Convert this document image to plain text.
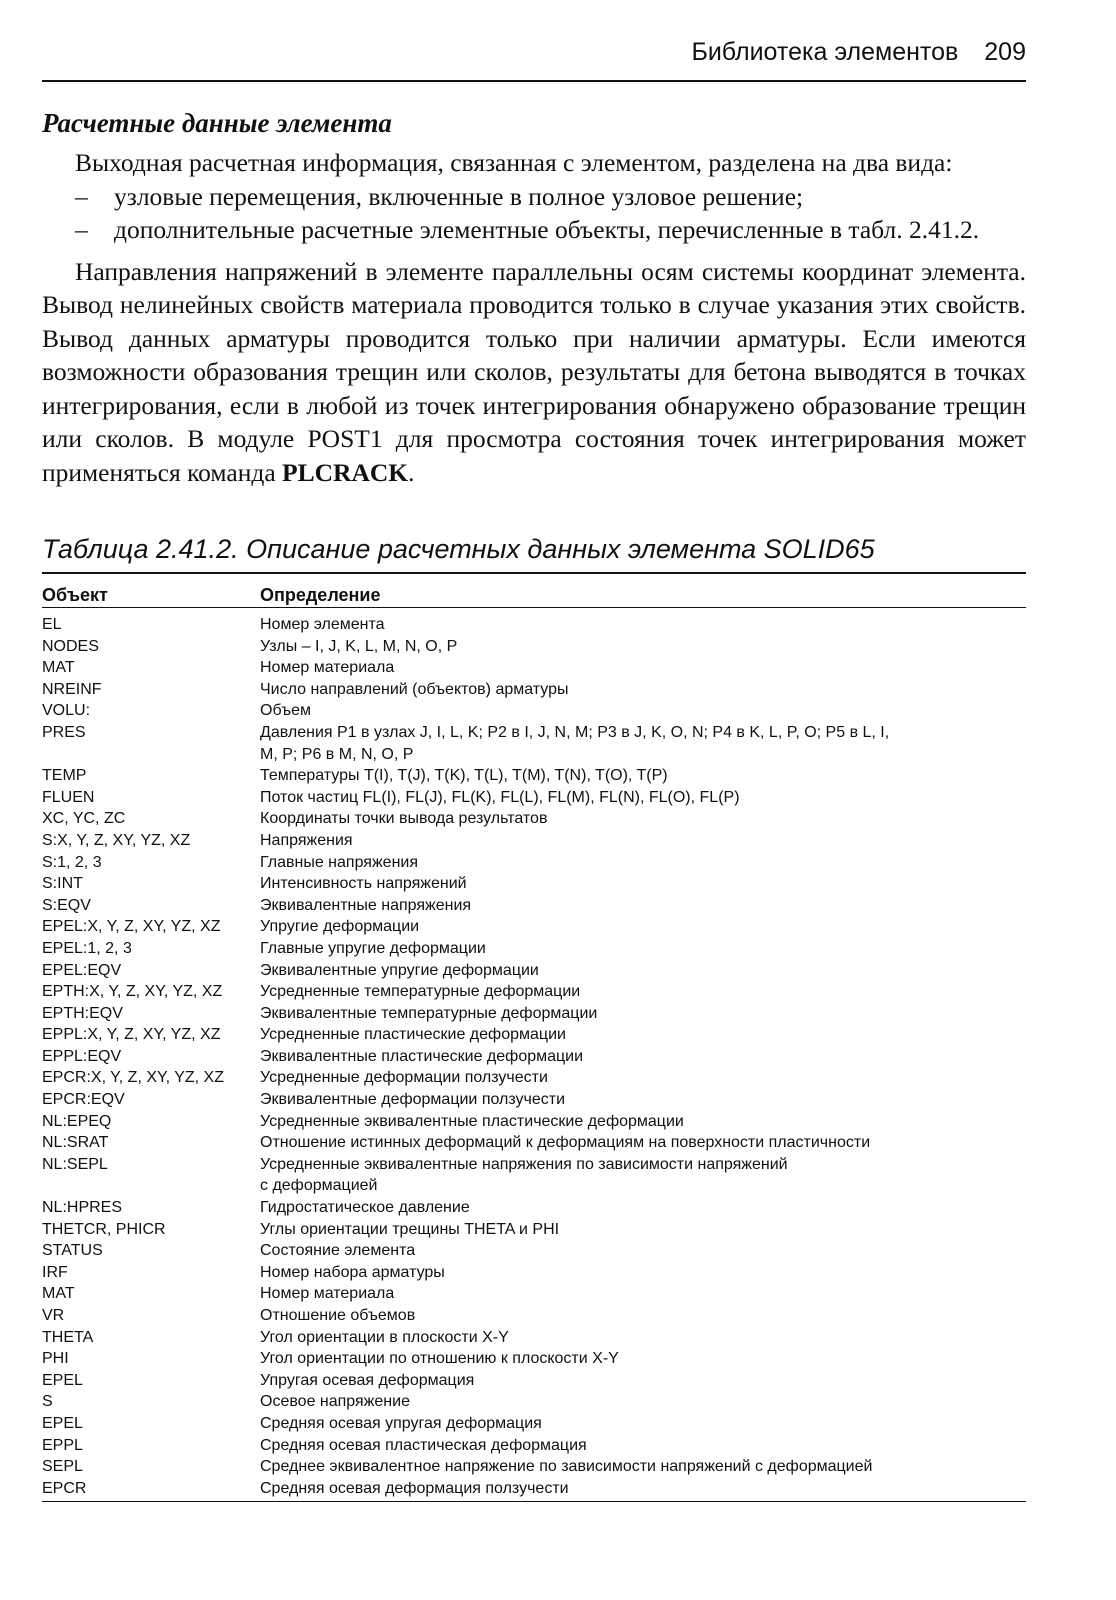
Библиотека элементов 209
Расчетные данные элемента

Выходная расчетная информация, связанная с элементом, разделена на два вида:

– узловые перемещения, включенные в полное узловое решение;
– дополнительные расчетные элементные объекты, перечисленные в табл. 2.41.2.

Направления напряжений в элементе параллельны осям системы координат элемента. Вывод нелинейных свойств материала проводится только в случае указания этих свойств. Вывод данных арматуры проводится только при наличии арматуры. Если имеются возможности образования трещин или сколов, результаты для бетона выводятся в точках интегрирования, если в любой из точек интегрирования обнаружено образование трещин или сколов. В модуле POST1 для просмотра состояния точек интегрирования может применяться команда PLCRACK.

Таблица 2.41.2. Описание расчетных данных элемента SOLID65
Объект	Определение
EL	Номер элемента
NODES	Узлы – I, J, K, L, M, N, O, P
MAT	Номер материала
NREINF	Число направлений (объектов) арматуры
VOLU:	Объем
PRES	Давления P1 в узлах J, I, L, K; P2 в I, J, N, M; P3 в J, K, O, N; P4 в K, L, P, O; P5 в L, I,
M, P; P6 в M, N, O, P
TEMP	Температуры T(I), T(J), T(K), T(L), T(M), T(N), T(O), T(P)
FLUEN	Поток частиц FL(I), FL(J), FL(K), FL(L), FL(M), FL(N), FL(O), FL(P)
XC, YC, ZC	Координаты точки вывода результатов
S:X, Y, Z, XY, YZ, XZ	Напряжения
S:1, 2, 3	Главные напряжения
S:INT	Интенсивность напряжений
S:EQV	Эквивалентные напряжения
EPEL:X, Y, Z, XY, YZ, XZ	Упругие деформации
EPEL:1, 2, 3	Главные упругие деформации
EPEL:EQV	Эквивалентные упругие деформации
EPTH:X, Y, Z, XY, YZ, XZ	Усредненные температурные деформации
EPTH:EQV	Эквивалентные температурные деформации
EPPL:X, Y, Z, XY, YZ, XZ	Усредненные пластические деформации
EPPL:EQV	Эквивалентные пластические деформации
EPCR:X, Y, Z, XY, YZ, XZ	Усредненные деформации ползучести
EPCR:EQV	Эквивалентные деформации ползучести
NL:EPEQ	Усредненные эквивалентные пластические деформации
NL:SRAT	Отношение истинных деформаций к деформациям на поверхности пластичности
NL:SEPL	Усредненные эквивалентные напряжения по зависимости напряжений
с деформацией
NL:HPRES	Гидростатическое давление
THETCR, PHICR	Углы ориентации трещины THETA и PHI
STATUS	Состояние элемента
IRF	Номер набора арматуры
MAT	Номер материала
VR	Отношение объемов
THETA	Угол ориентации в плоскости X-Y
PHI	Угол ориентации по отношению к плоскости X-Y
EPEL	Упругая осевая деформация
S	Осевое напряжение
EPEL	Средняя осевая упругая деформация
EPPL	Средняя осевая пластическая деформация
SEPL	Среднее эквивалентное напряжение по зависимости напряжений с деформацией
EPCR	Средняя осевая деформация ползучести
